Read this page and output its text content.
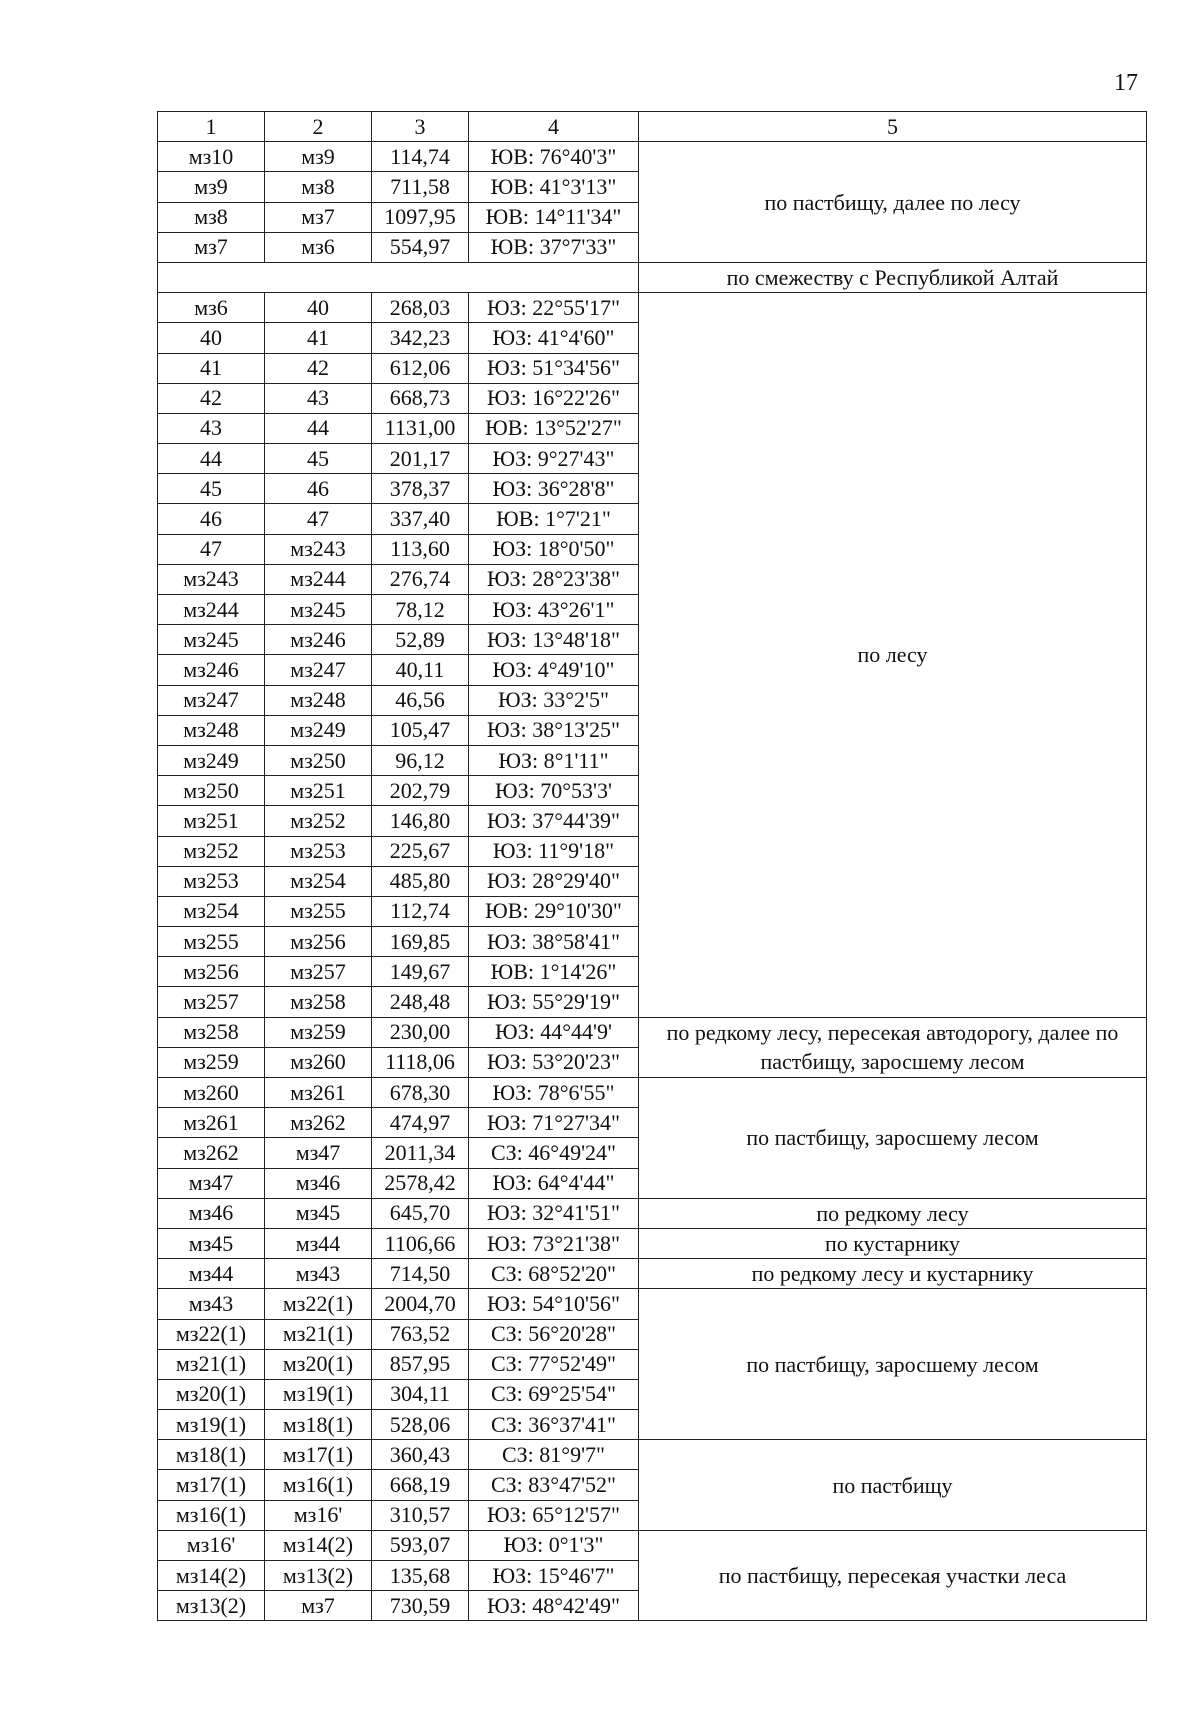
17
1	2	3	4	5
мз10	мз9	114,74	ЮВ: 76°40'3"	по пастбищу, далее по лесу
мз9	мз8	711,58	ЮВ: 41°3'13"	
мз8	мз7	1097,95	ЮВ: 14°11'34"	
мз7	мз6	554,97	ЮВ: 37°7'33"	
				по смежеству с Республикой Алтай
мз6	40	268,03	ЮЗ: 22°55'17"	по лесу
40	41	342,23	ЮЗ: 41°4'60"	
41	42	612,06	ЮЗ: 51°34'56"	
42	43	668,73	ЮЗ: 16°22'26"	
43	44	1131,00	ЮВ: 13°52'27"	
44	45	201,17	ЮЗ: 9°27'43"	
45	46	378,37	ЮЗ: 36°28'8"	
46	47	337,40	ЮВ: 1°7'21"	
47	мз243	113,60	ЮЗ: 18°0'50"	
мз243	мз244	276,74	ЮЗ: 28°23'38"	
мз244	мз245	78,12	ЮЗ: 43°26'1"	
мз245	мз246	52,89	ЮЗ: 13°48'18"	
мз246	мз247	40,11	ЮЗ: 4°49'10"	
мз247	мз248	46,56	ЮЗ: 33°2'5"	
мз248	мз249	105,47	ЮЗ: 38°13'25"	
мз249	мз250	96,12	ЮЗ: 8°1'11"	
мз250	мз251	202,79	ЮЗ: 70°53'3'	
мз251	мз252	146,80	ЮЗ: 37°44'39"	
мз252	мз253	225,67	ЮЗ: 11°9'18"	
мз253	мз254	485,80	ЮЗ: 28°29'40"	
мз254	мз255	112,74	ЮВ: 29°10'30"	
мз255	мз256	169,85	ЮЗ: 38°58'41"	
мз256	мз257	149,67	ЮВ: 1°14'26"	
мз257	мз258	248,48	ЮЗ: 55°29'19"	
мз258	мз259	230,00	ЮЗ: 44°44'9'	по редкому лесу, пересекая автодорогу, далее по пастбищу, заросшему лесом
мз259	мз260	1118,06	ЮЗ: 53°20'23"	
мз260	мз261	678,30	ЮЗ: 78°6'55"	по пастбищу, заросшему лесом
мз261	мз262	474,97	ЮЗ: 71°27'34"	
мз262	мз47	2011,34	СЗ: 46°49'24"	
мз47	мз46	2578,42	ЮЗ: 64°4'44"	
мз46	мз45	645,70	ЮЗ: 32°41'51"	по редкому лесу
мз45	мз44	1106,66	ЮЗ: 73°21'38"	по кустарнику
мз44	мз43	714,50	СЗ: 68°52'20"	по редкому лесу и кустарнику
мз43	мз22(1)	2004,70	ЮЗ: 54°10'56"	по пастбищу, заросшему лесом
мз22(1)	мз21(1)	763,52	СЗ: 56°20'28"	
мз21(1)	мз20(1)	857,95	СЗ: 77°52'49"	
мз20(1)	мз19(1)	304,11	СЗ: 69°25'54"	
мз19(1)	мз18(1)	528,06	СЗ: 36°37'41"	
мз18(1)	мз17(1)	360,43	СЗ: 81°9'7"	по пастбищу
мз17(1)	мз16(1)	668,19	СЗ: 83°47'52"	
мз16(1)	мз16'	310,57	ЮЗ: 65°12'57"	
мз16'	мз14(2)	593,07	ЮЗ: 0°1'3"	по пастбищу, пересекая участки леса
мз14(2)	мз13(2)	135,68	ЮЗ: 15°46'7"	
мз13(2)	мз7	730,59	ЮЗ: 48°42'49"	
